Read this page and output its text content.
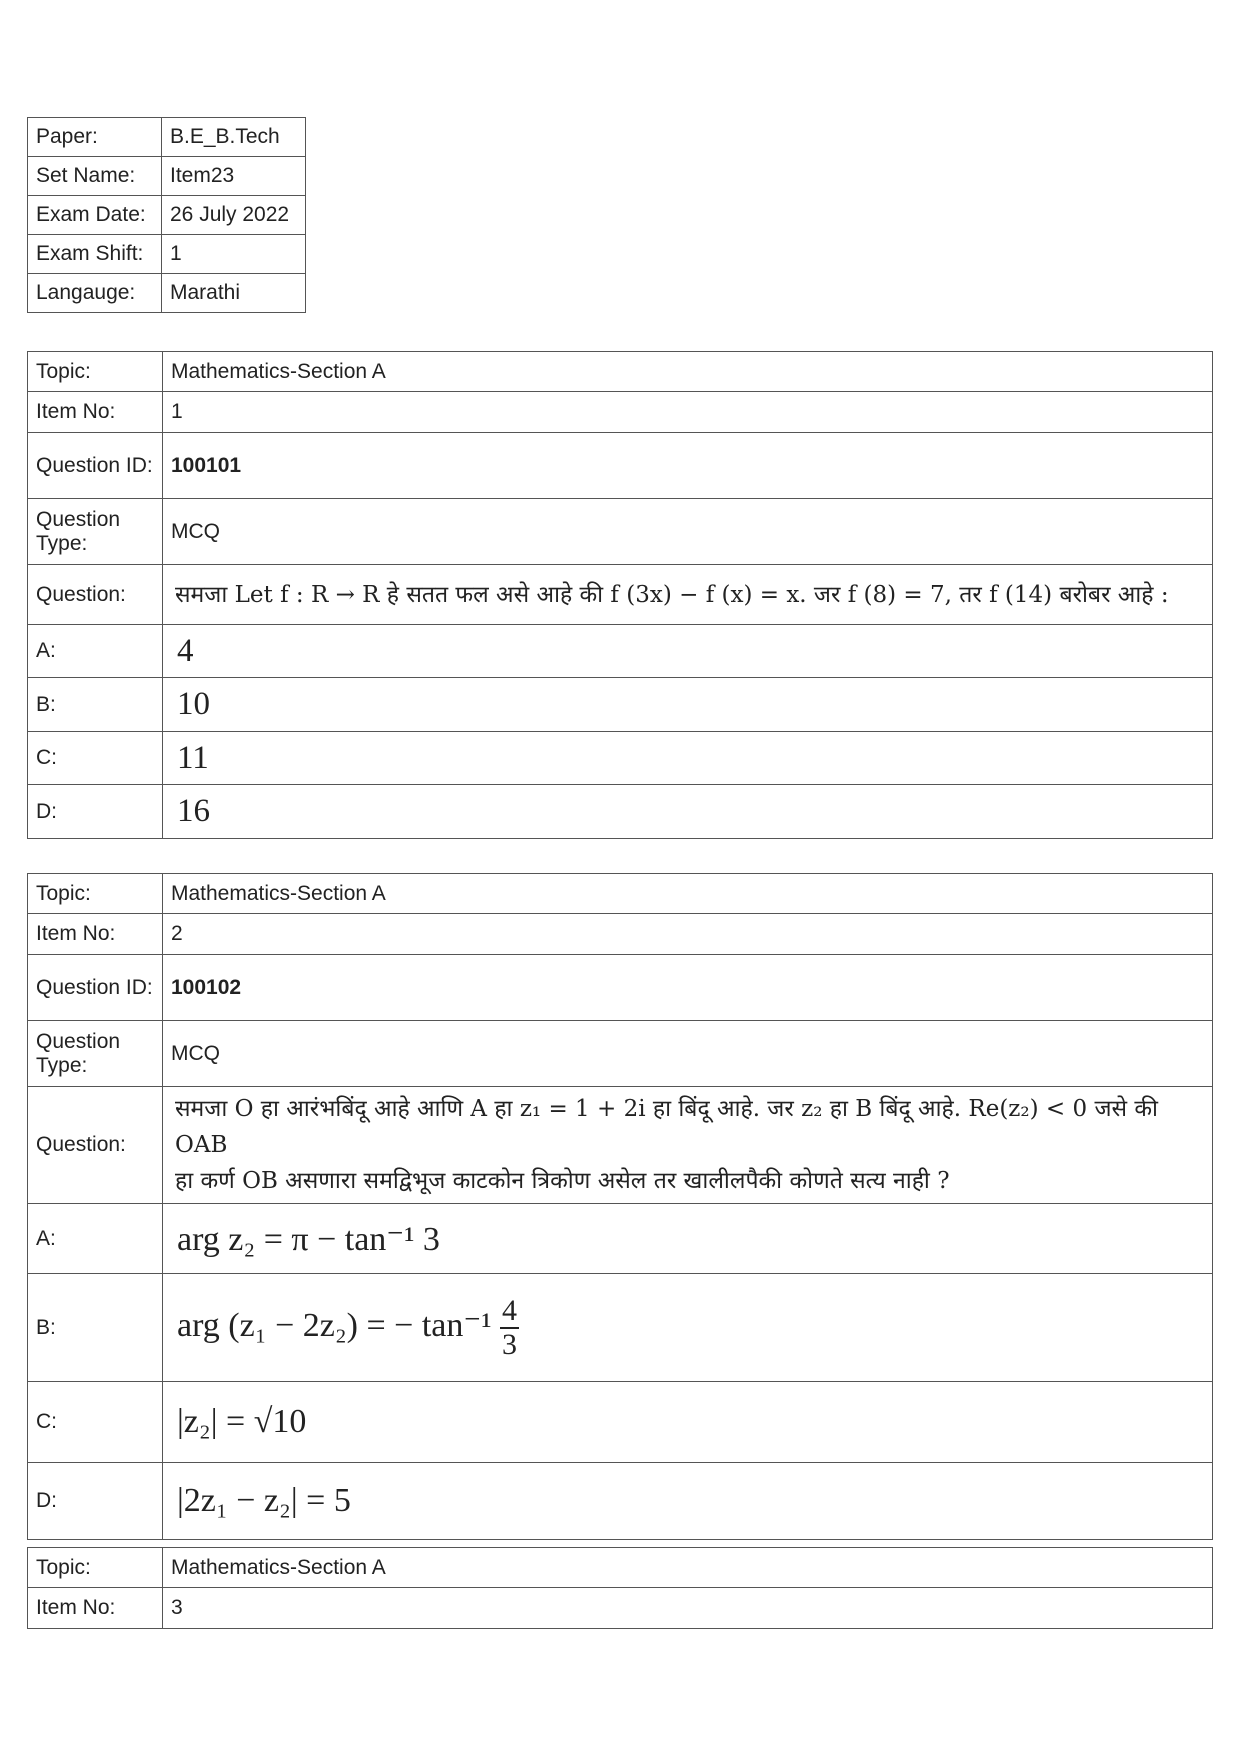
Paper:	B.E_B.Tech
Set Name:	Item23
Exam Date:	26 July 2022
Exam Shift:	1
Langauge:	Marathi
Topic:	Mathematics-Section A
Item No:	1
Question ID:	100101
Question Type:	MCQ
Question:	समजा Let f : R → R हे सतत फल असे आहे की f (3x) − f (x) = x. जर f (8) = 7, तर f (14) बरोबर आहे :
A:	4
B:	10
C:	11
D:	16
Topic:	Mathematics-Section A
Item No:	2
Question ID:	100102
Question Type:	MCQ
Question:	समजा O हा आरंभबिंदू आहे आणि A हा z₁ = 1 + 2i हा बिंदू आहे. जर z₂ हा B बिंदू आहे. Re(z₂) < 0 जसे की OAB
हा कर्ण OB असणारा समद्विभूज काटकोन त्रिकोण असेल तर खालीलपैकी कोणते सत्य नाही ?

A:	arg z₂ = π − tan⁻¹ 3
B:	arg (z₁ − 2z₂) = − $\tan^{-1} \frac{4}{3}$

C:	|z₂| = √10
D:	|2z₁ − z₂| = 5
Topic:	Mathematics-Section A
Item No:	3
